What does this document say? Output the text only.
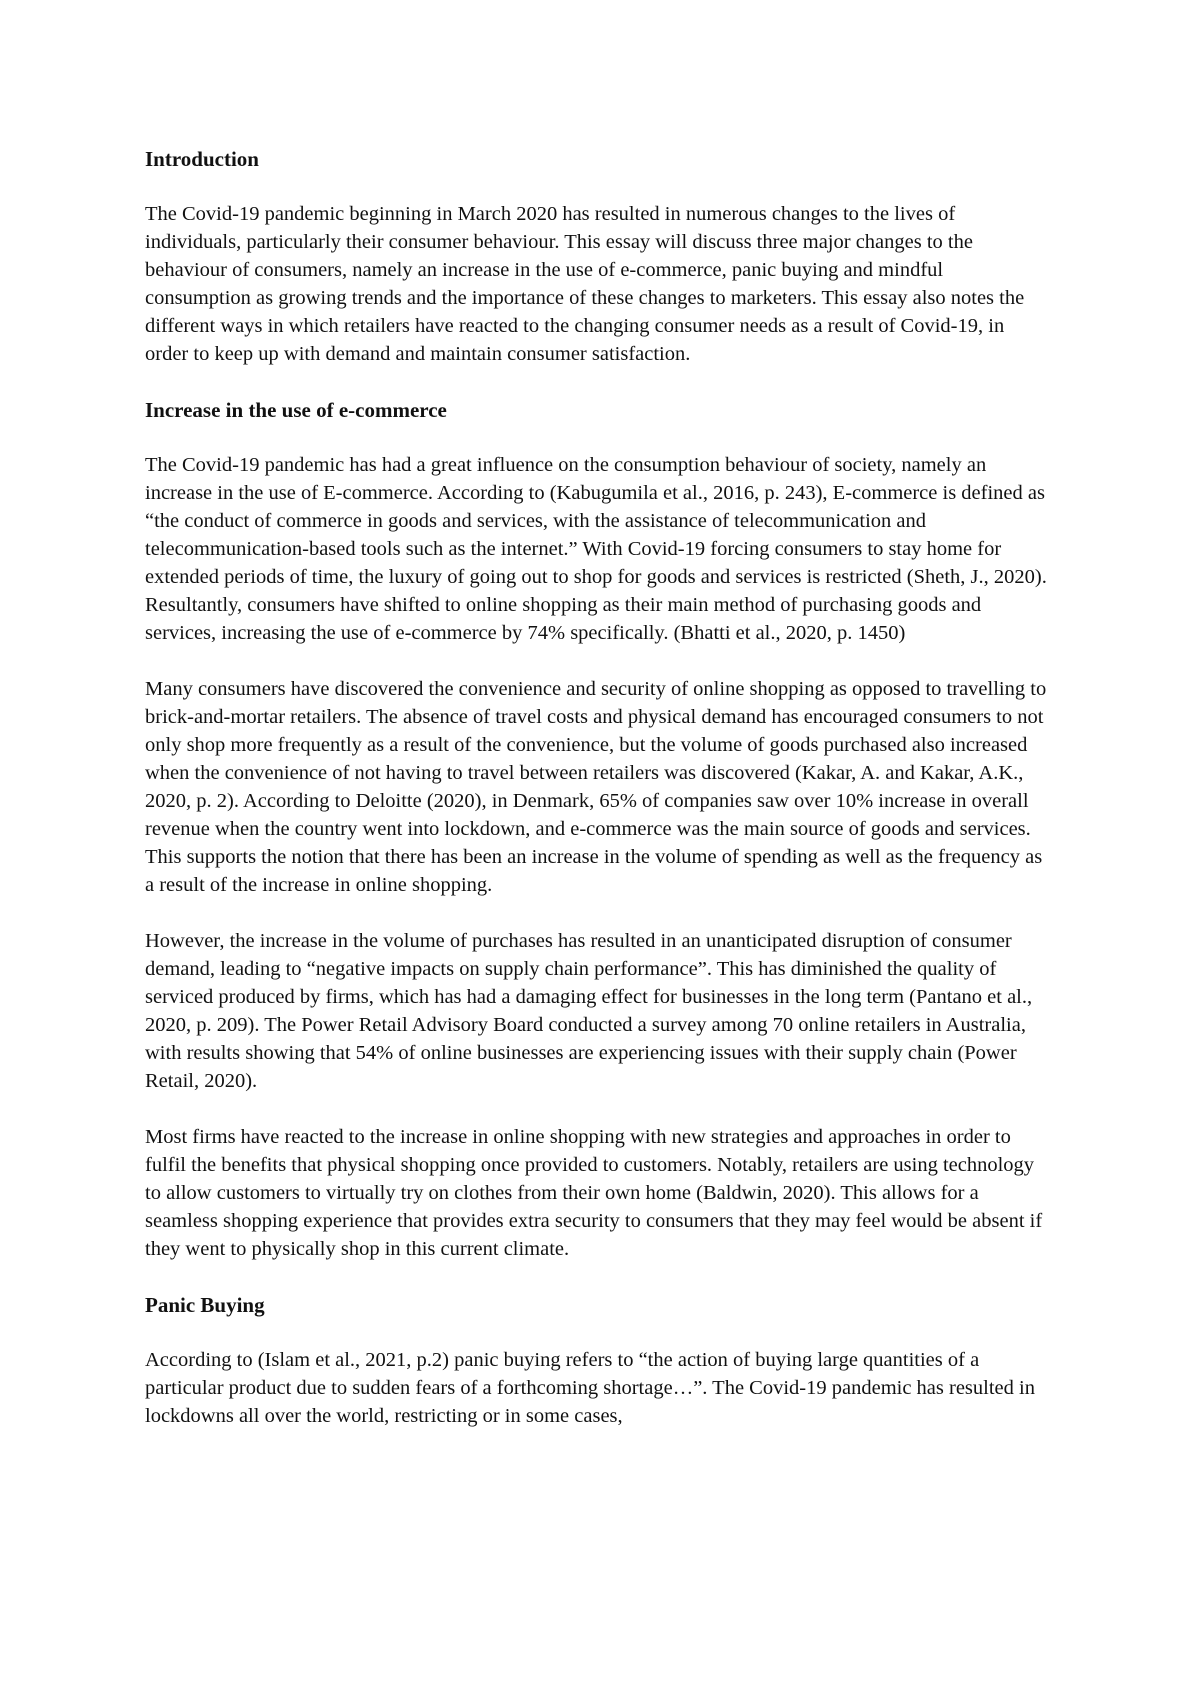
Introduction

The Covid-19 pandemic beginning in March 2020 has resulted in numerous changes to the lives of individuals, particularly their consumer behaviour. This essay will discuss three major changes to the behaviour of consumers, namely an increase in the use of e-commerce, panic buying and mindful consumption as growing trends and the importance of these changes to marketers. This essay also notes the different ways in which retailers have reacted to the changing consumer needs as a result of Covid-19, in order to keep up with demand and maintain consumer satisfaction.

Increase in the use of e-commerce

The Covid-19 pandemic has had a great influence on the consumption behaviour of society, namely an increase in the use of E-commerce. According to (Kabugumila et al., 2016, p. 243), E-commerce is defined as “the conduct of commerce in goods and services, with the assistance of telecommunication and telecommunication-based tools such as the internet.” With Covid-19 forcing consumers to stay home for extended periods of time, the luxury of going out to shop for goods and services is restricted (Sheth, J., 2020). Resultantly, consumers have shifted to online shopping as their main method of purchasing goods and services, increasing the use of e-commerce by 74% specifically. (Bhatti et al., 2020, p. 1450)

Many consumers have discovered the convenience and security of online shopping as opposed to travelling to brick-and-mortar retailers. The absence of travel costs and physical demand has encouraged consumers to not only shop more frequently as a result of the convenience, but the volume of goods purchased also increased when the convenience of not having to travel between retailers was discovered (Kakar, A. and Kakar, A.K., 2020, p. 2). According to Deloitte (2020), in Denmark, 65% of companies saw over 10% increase in overall revenue when the country went into lockdown, and e-commerce was the main source of goods and services. This supports the notion that there has been an increase in the volume of spending as well as the frequency as a result of the increase in online shopping.

However, the increase in the volume of purchases has resulted in an unanticipated disruption of consumer demand, leading to “negative impacts on supply chain performance”. This has diminished the quality of serviced produced by firms, which has had a damaging effect for businesses in the long term (Pantano et al., 2020, p. 209). The Power Retail Advisory Board conducted a survey among 70 online retailers in Australia, with results showing that 54% of online businesses are experiencing issues with their supply chain (Power Retail, 2020).

Most firms have reacted to the increase in online shopping with new strategies and approaches in order to fulfil the benefits that physical shopping once provided to customers. Notably, retailers are using technology to allow customers to virtually try on clothes from their own home (Baldwin, 2020). This allows for a seamless shopping experience that provides extra security to consumers that they may feel would be absent if they went to physically shop in this current climate.

Panic Buying

According to (Islam et al., 2021, p.2) panic buying refers to “the action of buying large quantities of a particular product due to sudden fears of a forthcoming shortage…”. The Covid-19 pandemic has resulted in lockdowns all over the world, restricting or in some cases,
